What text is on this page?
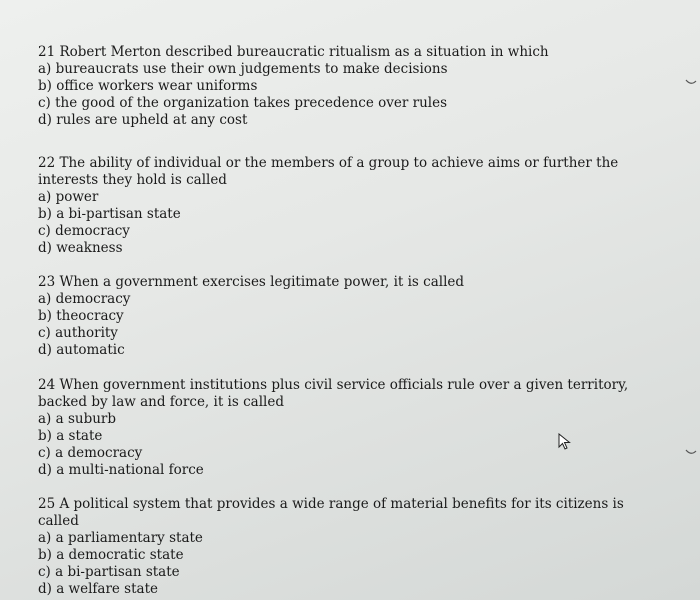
21 Robert Merton described bureaucratic ritualism as a situation in which
a) bureaucrats use their own judgements to make decisions
b) office workers wear uniforms
c) the good of the organization takes precedence over rules
d) rules are upheld at any cost
22 The ability of individual or the members of a group to achieve aims or further the interests they hold is called
a) power
b) a bi-partisan state
c) democracy
d) weakness
23 When a government exercises legitimate power, it is called
a) democracy
b) theocracy
c) authority
d) automatic
24 When government institutions plus civil service officials rule over a given territory, backed by law and force, it is called
a) a suburb
b) a state
c) a democracy
d) a multi-national force
25 A political system that provides a wide range of material benefits for its citizens is called
a) a parliamentary state
b) a democratic state
c) a bi-partisan state
d) a welfare state
